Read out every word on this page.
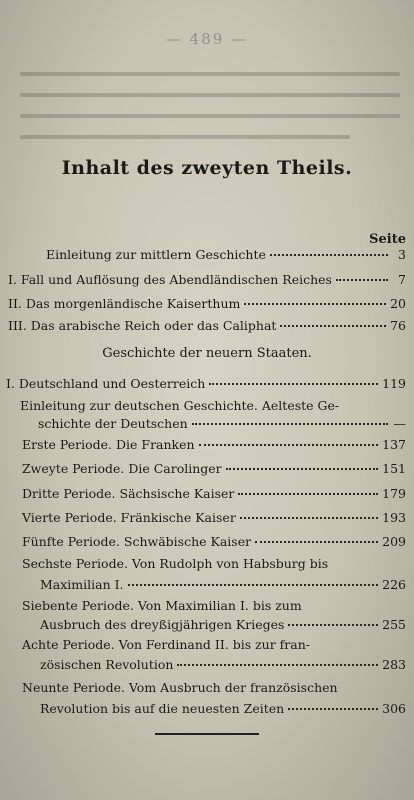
— 489 —
Inhalt des zweyten Theils.
Seite
Einleitung zur mittlern Geschichte	3
I. Fall und Auflösung des Abendländischen Reiches	7
II. Das morgenländische Kaiserthum	20
III. Das arabische Reich oder das Caliphat	76
Geschichte der neuern Staaten.
I. Deutschland und Oesterreich	119
Einleitung zur deutschen Geschichte. Aelteste Ge-
schichte der Deutschen	—
Erste Periode. Die Franken	137
Zweyte Periode. Die Carolinger	151
Dritte Periode. Sächsische Kaiser	179
Vierte Periode. Fränkische Kaiser	193
Fünfte Periode. Schwäbische Kaiser	209
Sechste Periode. Von Rudolph von Habsburg bis
Maximilian I.	226
Siebente Periode. Von Maximilian I. bis zum
Ausbruch des dreyßigjährigen Krieges	255
Achte Periode. Von Ferdinand II. bis zur fran-
zösischen Revolution	283
Neunte Periode. Vom Ausbruch der französischen
Revolution bis auf die neuesten Zeiten	306
